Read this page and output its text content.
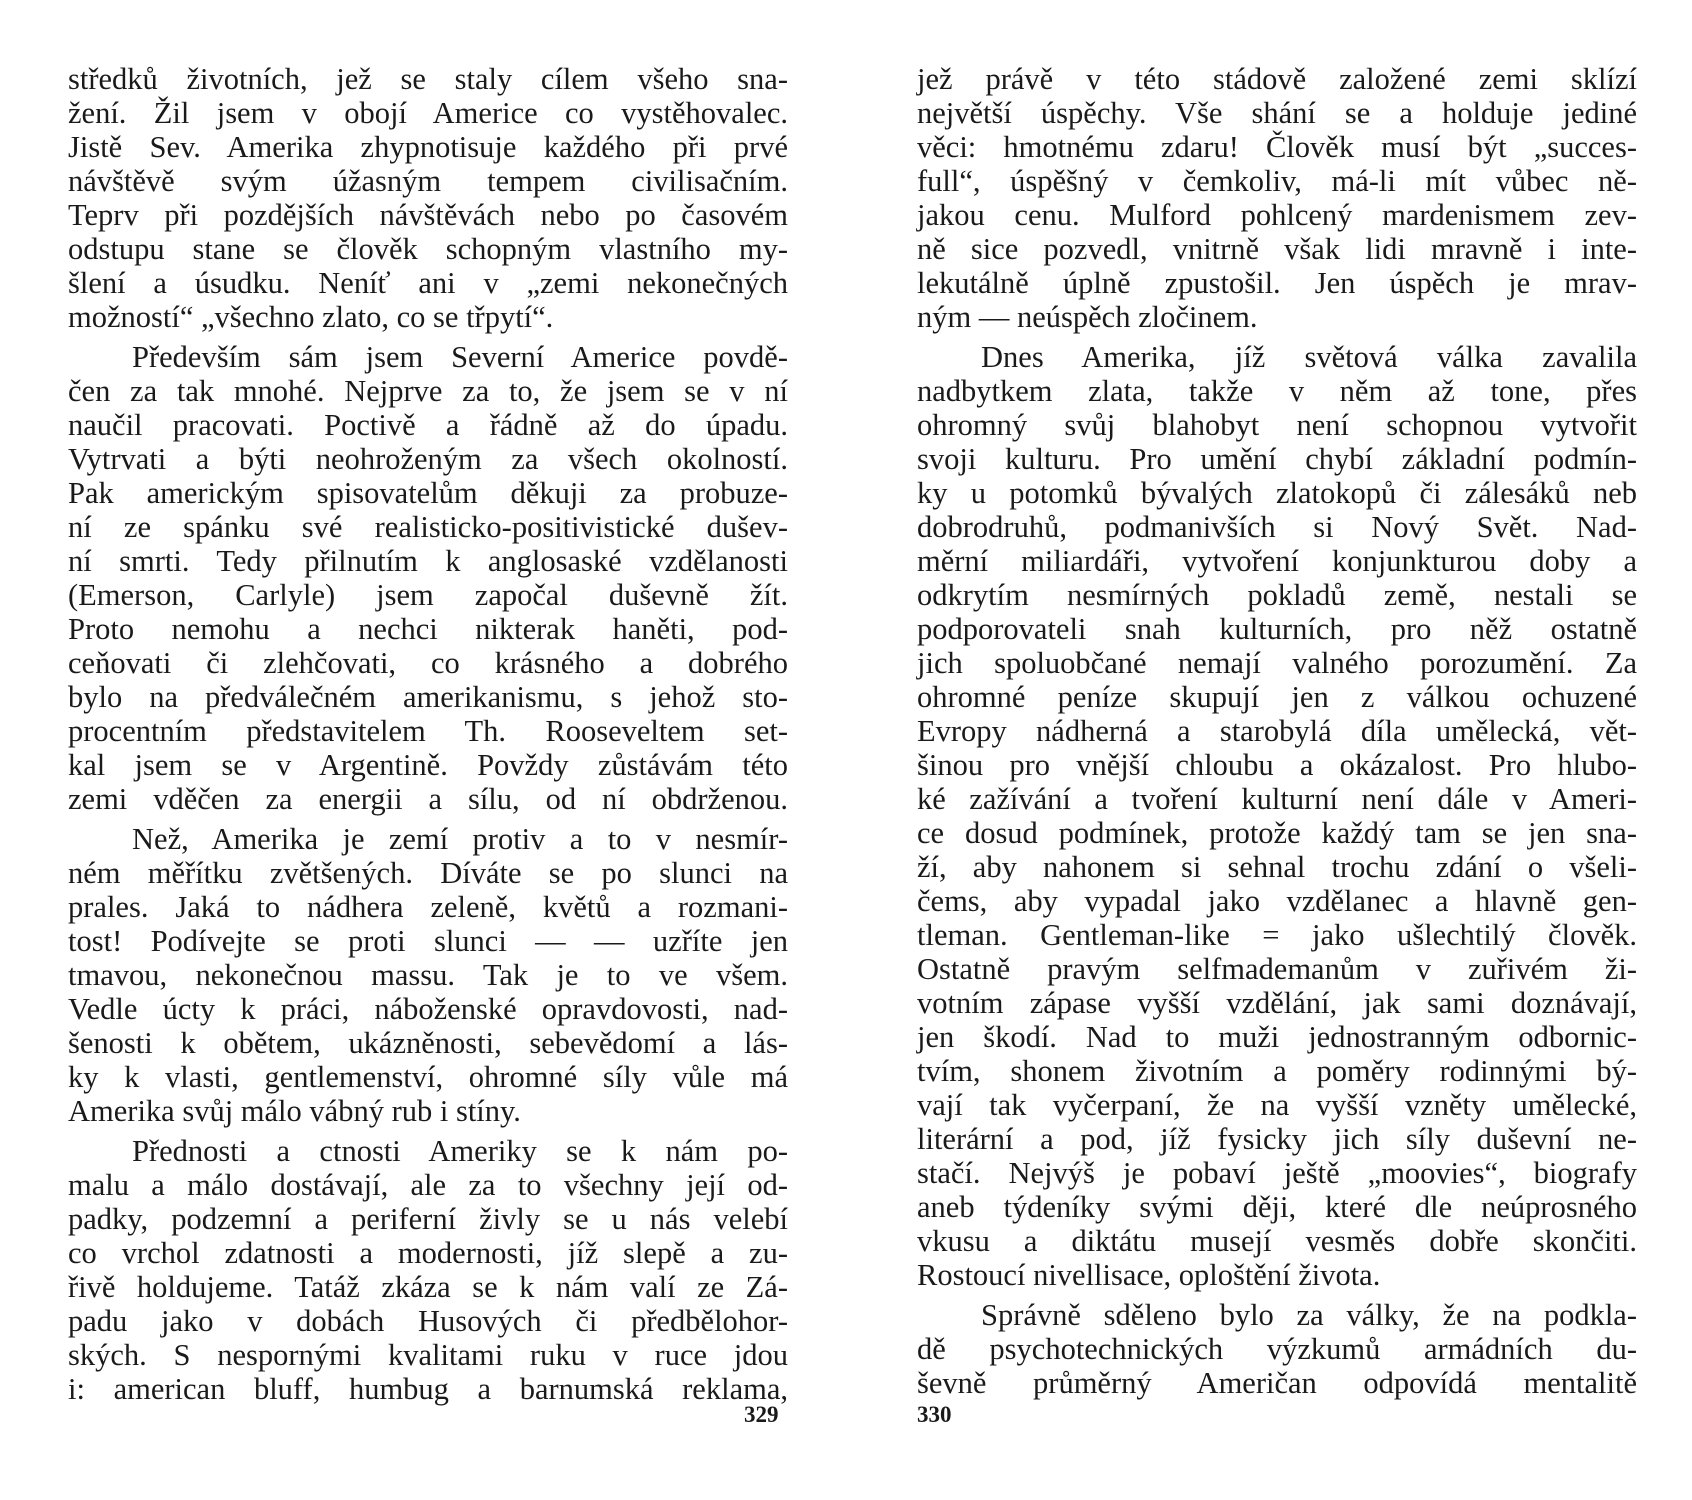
středků životních, jež se staly cílem všeho sna-
žení. Žil jsem v obojí Americe co vystěhovalec.
Jistě Sev. Amerika zhypnotisuje každého při prvé
návštěvě svým úžasným tempem civilisačním.
Teprv při pozdějších návštěvách nebo po časovém
odstupu stane se člověk schopným vlastního my-
šlení a úsudku. Neníť ani v „zemi nekonečných
možností“ „všechno zlato, co se třpytí“.
Především sám jsem Severní Americe povdě-
čen za tak mnohé. Nejprve za to, že jsem se v ní
naučil pracovati. Poctivě a řádně až do úpadu.
Vytrvati a býti neohroženým za všech okolností.
Pak americkým spisovatelům děkuji za probuze-
ní ze spánku své realisticko-positivistické dušev-
ní smrti. Tedy přilnutím k anglosaské vzdělanosti
(Emerson, Carlyle) jsem započal duševně žít.
Proto nemohu a nechci nikterak haněti, pod-
ceňovati či zlehčovati, co krásného a dobrého
bylo na předválečném amerikanismu, s jehož sto-
procentním představitelem Th. Rooseveltem set-
kal jsem se v Argentině. Povždy zůstávám této
zemi vděčen za energii a sílu, od ní obdrženou.
Než, Amerika je zemí protiv a to v nesmír-
ném měřítku zvětšených. Díváte se po slunci na
prales. Jaká to nádhera zeleně, květů a rozmani-
tost! Podívejte se proti slunci — — uzříte jen
tmavou, nekonečnou massu. Tak je to ve všem.
Vedle úcty k práci, náboženské opravdovosti, nad-
šenosti k obětem, ukázněnosti, sebevědomí a lás-
ky k vlasti, gentlemenství, ohromné síly vůle má
Amerika svůj málo vábný rub i stíny.
Přednosti a ctnosti Ameriky se k nám po-
malu a málo dostávají, ale za to všechny její od-
padky, podzemní a periferní živly se u nás velebí
co vrchol zdatnosti a modernosti, jíž slepě a zu-
řivě holdujeme. Tatáž zkáza se k nám valí ze Zá-
padu jako v dobách Husových či předbělohor-
ských. S nespornými kvalitami ruku v ruce jdou
i: american bluff, humbug a barnumská reklama,
jež právě v této stádově založené zemi sklízí
největší úspěchy. Vše shání se a holduje jediné
věci: hmotnému zdaru! Člověk musí být „succes-
full“, úspěšný v čemkoliv, má-li mít vůbec ně-
jakou cenu. Mulford pohlcený mardenismem zev-
ně sice pozvedl, vnitrně však lidi mravně i inte-
lekutálně úplně zpustošil. Jen úspěch je mrav-
ným — neúspěch zločinem.
Dnes Amerika, jíž světová válka zavalila
nadbytkem zlata, takže v něm až tone, přes
ohromný svůj blahobyt není schopnou vytvořit
svoji kulturu. Pro umění chybí základní podmín-
ky u potomků bývalých zlatokopů či zálesáků neb
dobrodruhů, podmanivších si Nový Svět. Nad-
měrní miliardáři, vytvoření konjunkturou doby a
odkrytím nesmírných pokladů země, nestali se
podporovateli snah kulturních, pro něž ostatně
jich spoluobčané nemají valného porozumění. Za
ohromné peníze skupují jen z válkou ochuzené
Evropy nádherná a starobylá díla umělecká, vět-
šinou pro vnější chloubu a okázalost. Pro hlubo-
ké zažívání a tvoření kulturní není dále v Ameri-
ce dosud podmínek, protože každý tam se jen sna-
ží, aby nahonem si sehnal trochu zdání o všeli-
čems, aby vypadal jako vzdělanec a hlavně gen-
tleman. Gentleman-like = jako ušlechtilý člověk.
Ostatně pravým selfmademanům v zuřivém ži-
votním zápase vyšší vzdělání, jak sami doznávají,
jen škodí. Nad to muži jednostranným odbornic-
tvím, shonem životním a poměry rodinnými bý-
vají tak vyčerpaní, že na vyšší vzněty umělecké,
literární a pod, jíž fysicky jich síly duševní ne-
stačí. Nejvýš je pobaví ještě „moovies“, biografy
aneb týdeníky svými ději, které dle neúprosného
vkusu a diktátu musejí vesměs dobře skončiti.
Rostoucí nivellisace, oploštění života.
Správně sděleno bylo za války, že na podkla-
dě psychotechnických výzkumů armádních du-
ševně průměrný Američan odpovídá mentalitě
329	330
